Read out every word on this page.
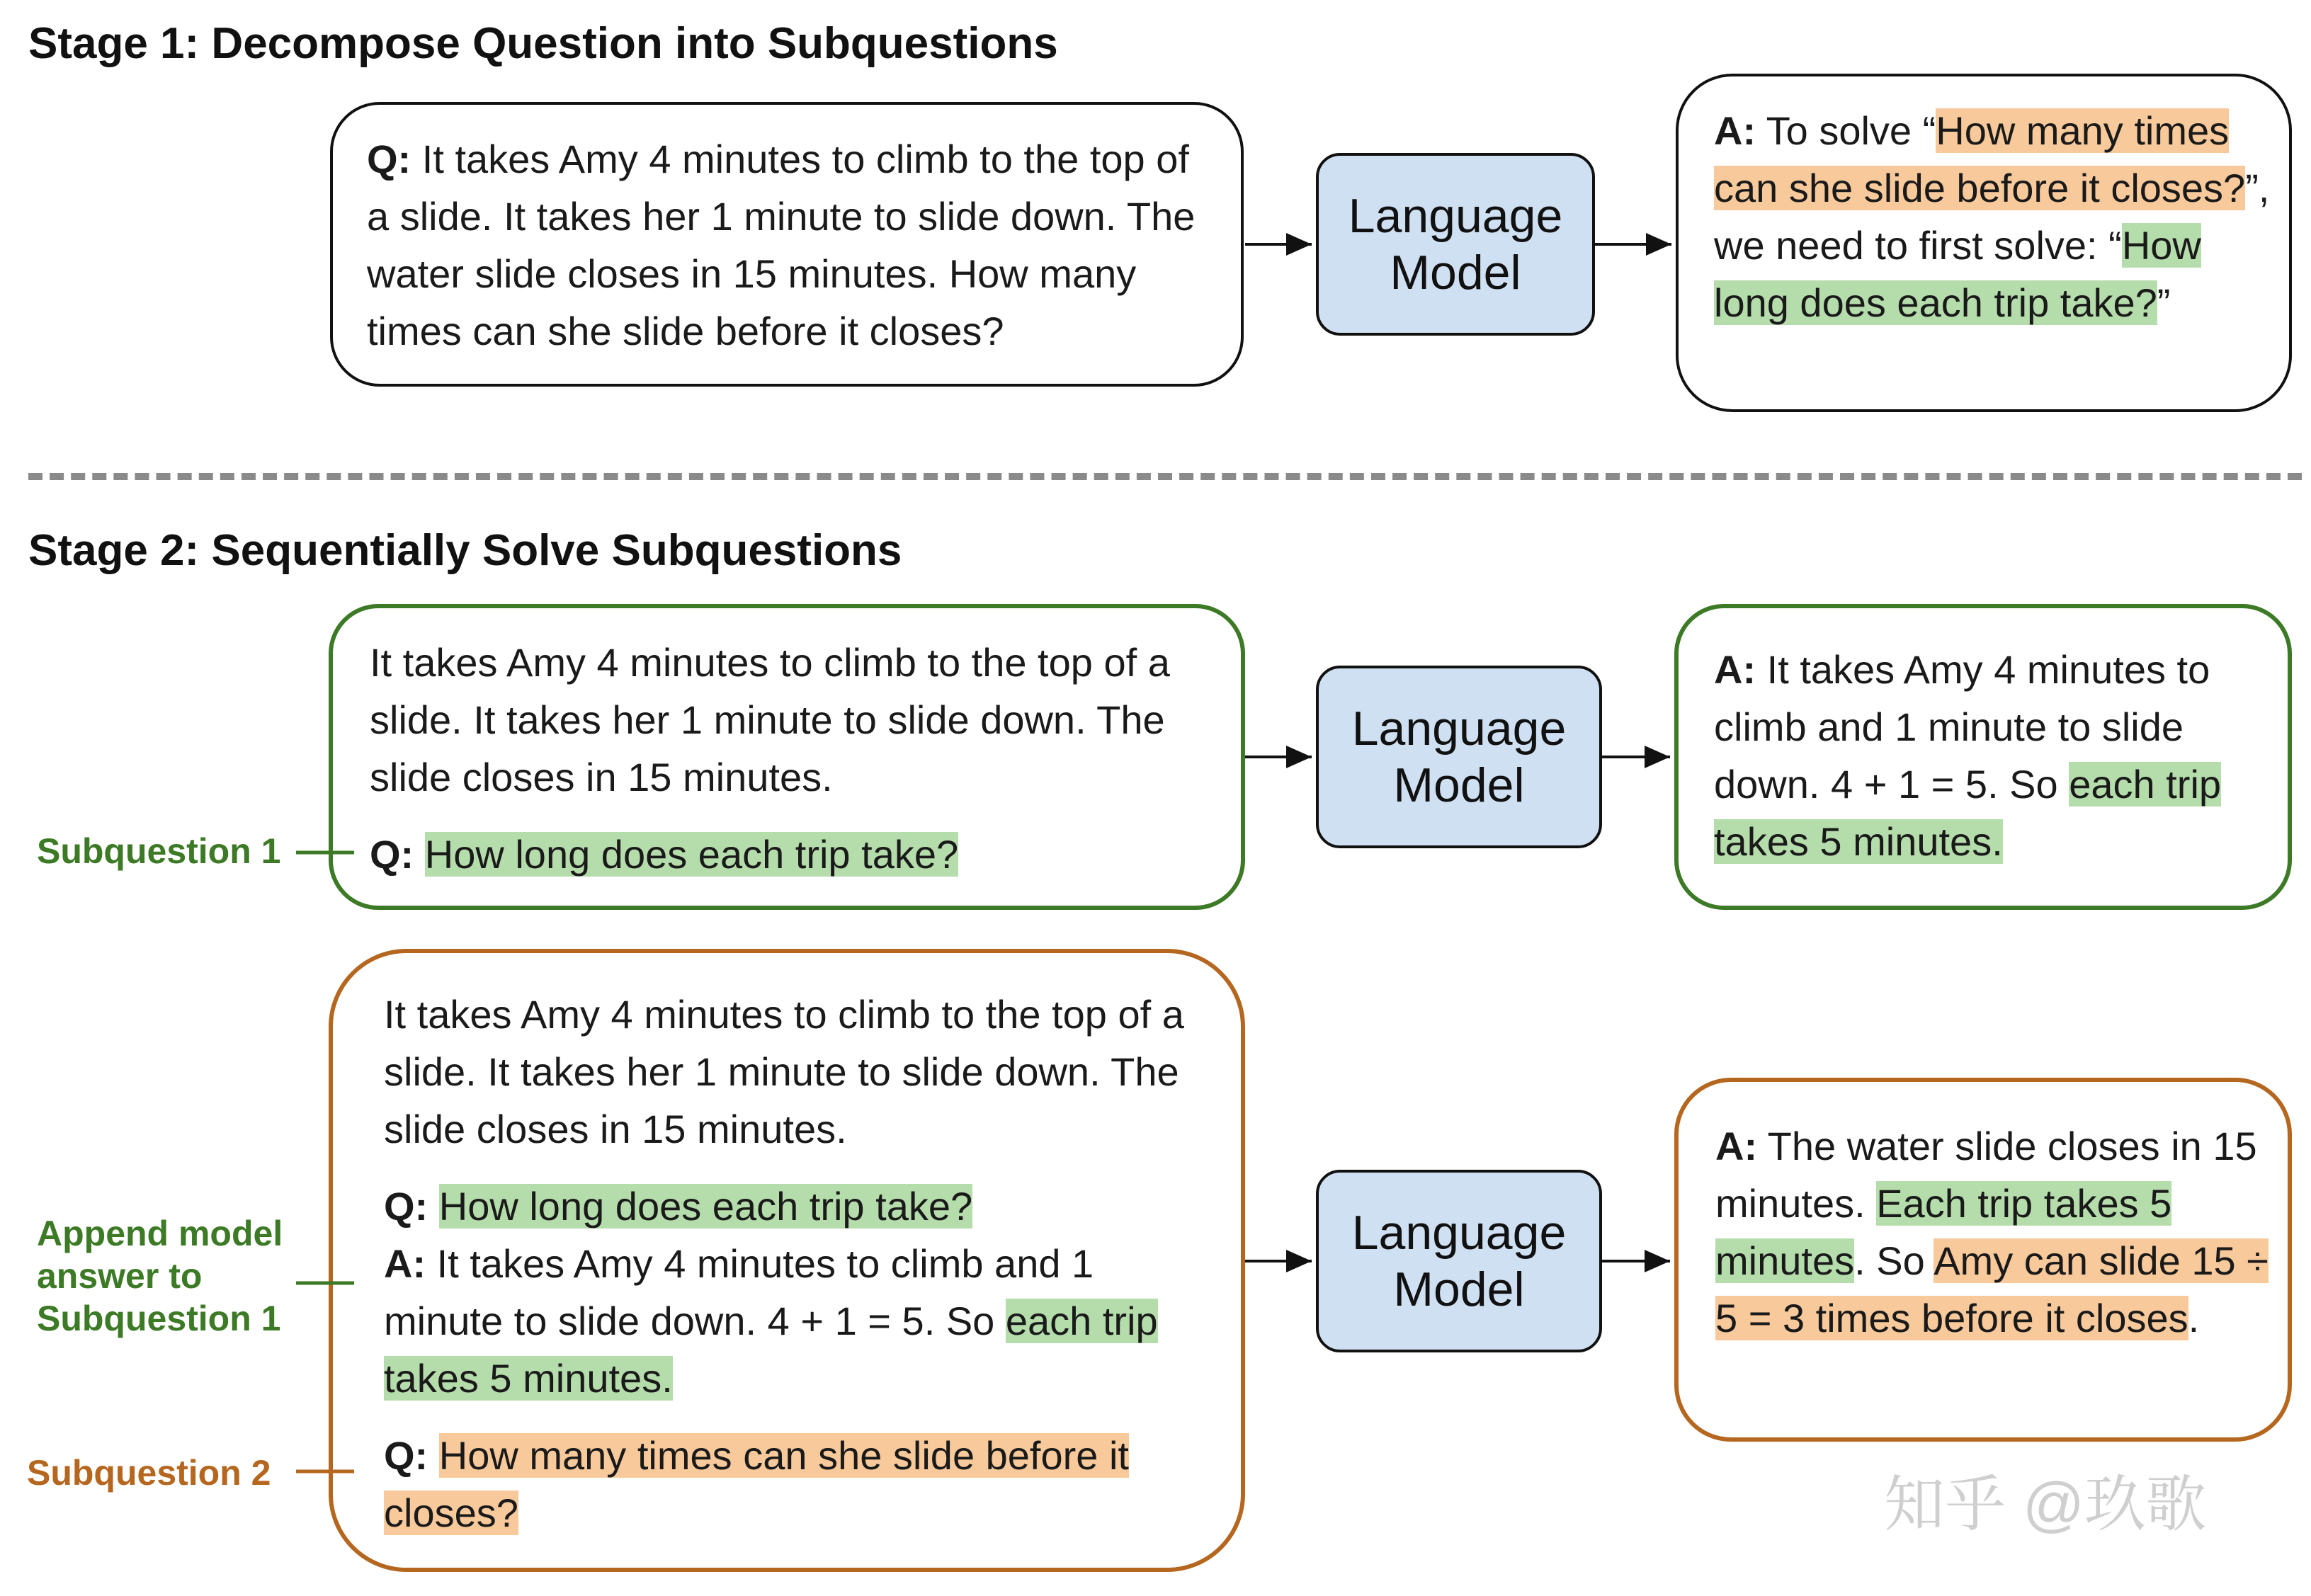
Stage 1: Decompose Question into Subquestions

Q: It takes Amy 4 minutes to climb to the top of a slide. It takes her 1 minute to slide down. The water slide closes in 15 minutes. How many times can she slide before it closes?

Language Model

A: To solve “How many times can she slide before it closes?”, we need to first solve: “How long does each trip take?”

Stage 2: Sequentially Solve Subquestions

It takes Amy 4 minutes to climb to the top of a slide. It takes her 1 minute to slide down. The slide closes in 15 minutes.

Q: How long does each trip take?

Language Model

A: It takes Amy 4 minutes to climb and 1 minute to slide down. 4 + 1 = 5. So each trip takes 5 minutes.

Subquestion 1

It takes Amy 4 minutes to climb to the top of a slide. It takes her 1 minute to slide down. The slide closes in 15 minutes.

Q: How long does each trip take?

A: It takes Amy 4 minutes to climb and 1 minute to slide down. 4 + 1 = 5. So each trip takes 5 minutes.

Q: How many times can she slide before it closes?

Language Model

A: The water slide closes in 15 minutes. Each trip takes 5 minutes. So Amy can slide 15 ÷ 5 = 3 times before it closes.

Append model answer to Subquestion 1
Subquestion 2	知乎 @玖歌
